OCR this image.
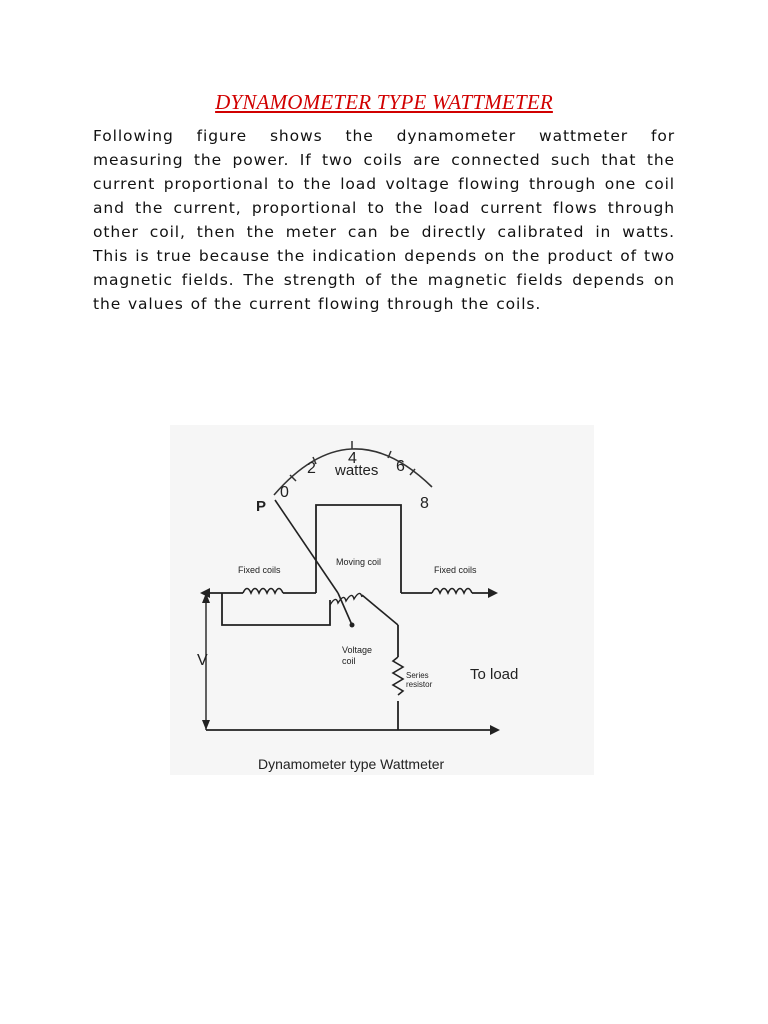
DYNAMOMETER TYPE WATTMETER

Following figure shows the dynamometer wattmeter for measuring the power. If two coils are connected such that the current proportional to the load voltage flowing through one coil and the current, proportional to the load current flows through other coil, then the meter can be directly calibrated in watts. This is true because the indication depends on the product of two magnetic fields. The strength of the magnetic fields depends on the values of the current flowing through the coils.

0
2
4 6
8
wattes
P
V
Fixed coils
Moving coil
Fixed coils
Voltage
coil
Series
resistor
To load
Dynamometer type Wattmeter
